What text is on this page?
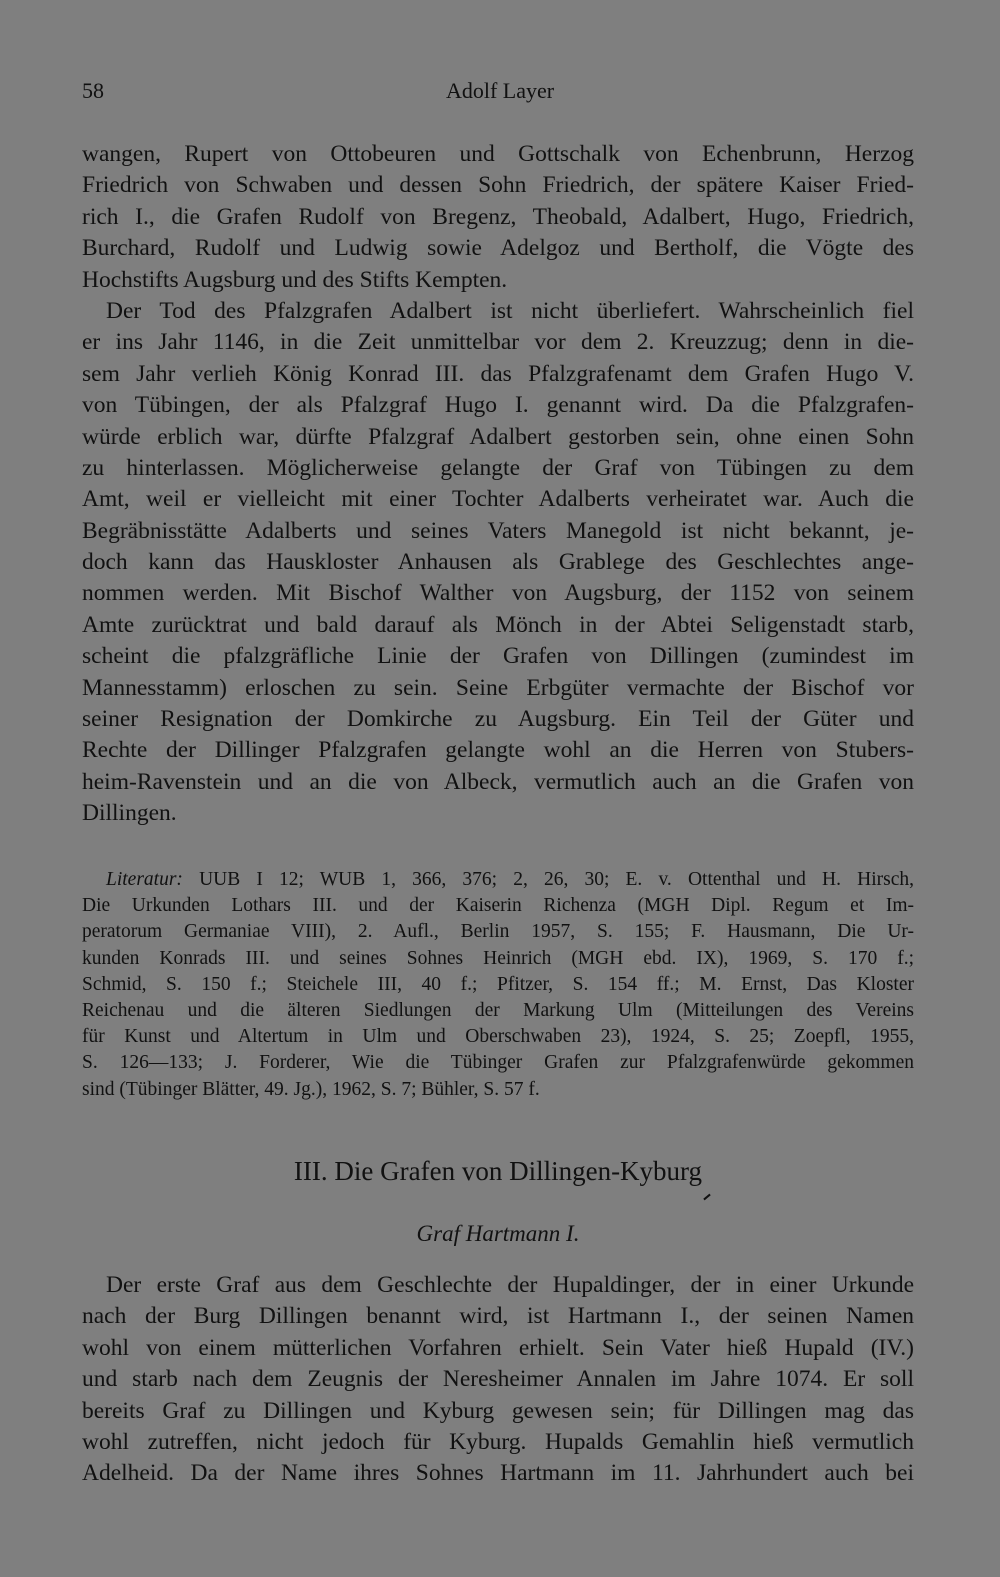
58	Adolf Layer
wangen, Rupert von Ottobeuren und Gottschalk von Echenbrunn, Herzog
Friedrich von Schwaben und dessen Sohn Friedrich, der spätere Kaiser Fried-
rich I., die Grafen Rudolf von Bregenz, Theobald, Adalbert, Hugo, Friedrich,
Burchard, Rudolf und Ludwig sowie Adelgoz und Bertholf, die Vögte des
Hochstifts Augsburg und des Stifts Kempten.
Der Tod des Pfalzgrafen Adalbert ist nicht überliefert. Wahrscheinlich fiel
er ins Jahr 1146, in die Zeit unmittelbar vor dem 2. Kreuzzug; denn in die-
sem Jahr verlieh König Konrad III. das Pfalzgrafenamt dem Grafen Hugo V.
von Tübingen, der als Pfalzgraf Hugo I. genannt wird. Da die Pfalzgrafen-
würde erblich war, dürfte Pfalzgraf Adalbert gestorben sein, ohne einen Sohn
zu hinterlassen. Möglicherweise gelangte der Graf von Tübingen zu dem
Amt, weil er vielleicht mit einer Tochter Adalberts verheiratet war. Auch die
Begräbnisstätte Adalberts und seines Vaters Manegold ist nicht bekannt, je-
doch kann das Hauskloster Anhausen als Grablege des Geschlechtes ange-
nommen werden. Mit Bischof Walther von Augsburg, der 1152 von seinem
Amte zurücktrat und bald darauf als Mönch in der Abtei Seligenstadt starb,
scheint die pfalzgräfliche Linie der Grafen von Dillingen (zumindest im
Mannesstamm) erloschen zu sein. Seine Erbgüter vermachte der Bischof vor
seiner Resignation der Domkirche zu Augsburg. Ein Teil der Güter und
Rechte der Dillinger Pfalzgrafen gelangte wohl an die Herren von Stubers-
heim-Ravenstein und an die von Albeck, vermutlich auch an die Grafen von
Dillingen.
Literatur: UUB I 12; WUB 1, 366, 376; 2, 26, 30; E. v. Ottenthal und H. Hirsch,
Die Urkunden Lothars III. und der Kaiserin Richenza (MGH Dipl. Regum et Im-
peratorum Germaniae VIII), 2. Aufl., Berlin 1957, S. 155; F. Hausmann, Die Ur-
kunden Konrads III. und seines Sohnes Heinrich (MGH ebd. IX), 1969, S. 170 f.;
Schmid, S. 150 f.; Steichele III, 40 f.; Pfitzer, S. 154 ff.; M. Ernst, Das Kloster
Reichenau und die älteren Siedlungen der Markung Ulm (Mitteilungen des Vereins
für Kunst und Altertum in Ulm und Oberschwaben 23), 1924, S. 25; Zoepfl, 1955,
S. 126—133; J. Forderer, Wie die Tübinger Grafen zur Pfalzgrafenwürde gekommen
sind (Tübinger Blätter, 49. Jg.), 1962, S. 7; Bühler, S. 57 f.
III. Die Grafen von Dillingen-Kyburg
Graf Hartmann I.
Der erste Graf aus dem Geschlechte der Hupaldinger, der in einer Urkunde
nach der Burg Dillingen benannt wird, ist Hartmann I., der seinen Namen
wohl von einem mütterlichen Vorfahren erhielt. Sein Vater hieß Hupald (IV.)
und starb nach dem Zeugnis der Neresheimer Annalen im Jahre 1074. Er soll
bereits Graf zu Dillingen und Kyburg gewesen sein; für Dillingen mag das
wohl zutreffen, nicht jedoch für Kyburg. Hupalds Gemahlin hieß vermutlich
Adelheid. Da der Name ihres Sohnes Hartmann im 11. Jahrhundert auch bei
